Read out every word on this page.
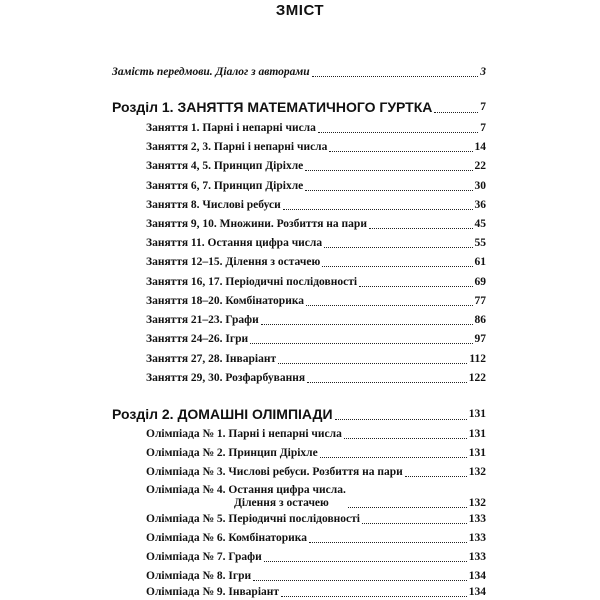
ЗМІСТ
Замість передмови. Діалог з авторами	3
Розділ 1. ЗАНЯТТЯ МАТЕМАТИЧНОГО ГУРТКА	7
Заняття 1. Парні і непарні числа	7
Заняття 2, 3. Парні і непарні числа	14
Заняття 4, 5. Принцип Діріхле	22
Заняття 6, 7. Принцип Діріхле	30
Заняття 8. Числові ребуси	36
Заняття 9, 10. Множини. Розбиття на пари	45
Заняття 11. Остання цифра числа	55
Заняття 12–15. Ділення з остачею	61
Заняття 16, 17. Періодичні послідовності	69
Заняття 18–20. Комбінаторика	77
Заняття 21–23. Графи	86
Заняття 24–26. Ігри	97
Заняття 27, 28. Інваріант	112
Заняття 29, 30. Розфарбування	122
Розділ 2. ДОМАШНІ ОЛІМПІАДИ	131
Олімпіада № 1. Парні і непарні числа	131
Олімпіада № 2. Принцип Діріхле	131
Олімпіада № 3. Числові ребуси. Розбиття на пари	132
Олімпіада № 4. Остання цифра числа.
Ділення з остачею	132
Олімпіада № 5. Періодичні послідовності	133
Олімпіада № 6. Комбінаторика	133
Олімпіада № 7. Графи	133
Олімпіада № 8. Ігри	134
Олімпіада № 9. Інваріант	134
